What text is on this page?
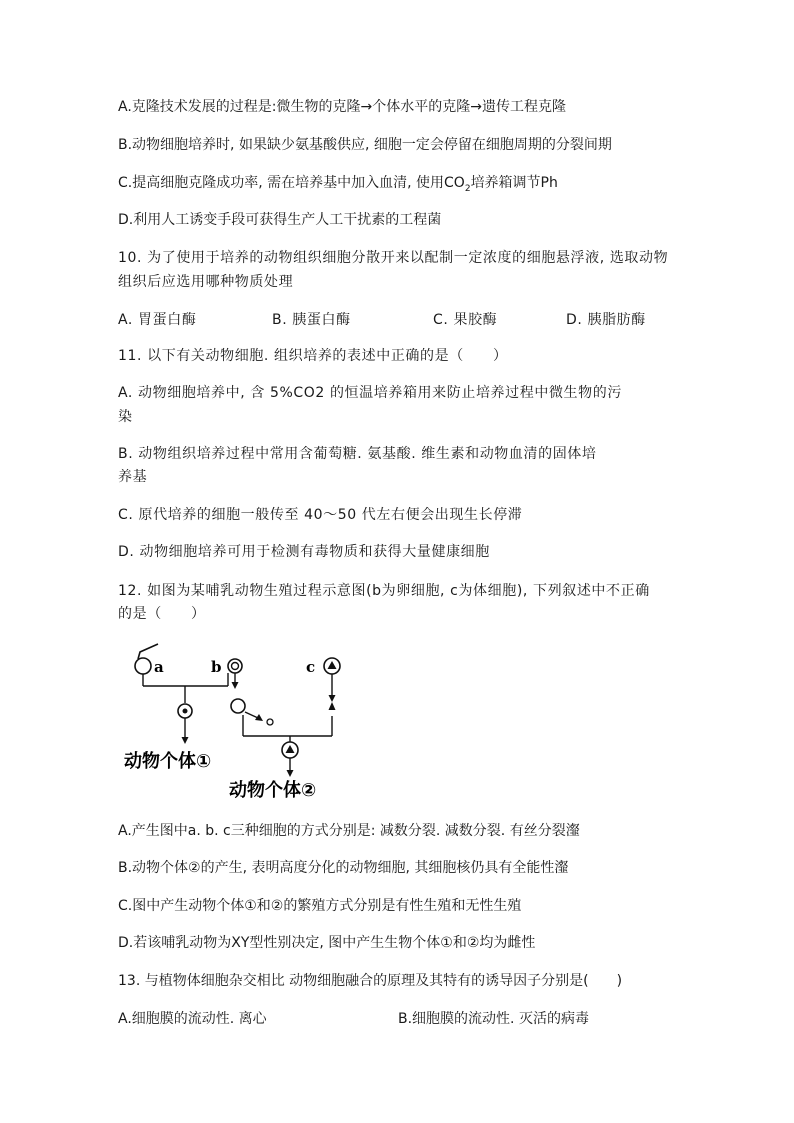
A.克隆技术发展的过程是:微生物的克隆→个体水平的克隆→遗传工程克隆
B.动物细胞培养时, 如果缺少氨基酸供应, 细胞一定会停留在细胞周期的分裂间期
C.提高细胞克隆成功率, 需在培养基中加入血清, 使用$CO_2$培养箱调节Ph
D.利用人工诱变手段可获得生产人工干扰素的工程菌
10. 为了使用于培养的动物组织细胞分散开来以配制一定浓度的细胞悬浮液, 选取动物
组织后应选用哪种物质处理
A. 胃蛋白酶	B. 胰蛋白酶	C. 果胶酶	D. 胰脂肪酶
11. 以下有关动物细胞. 组织培养的表述中正确的是（　　）
A. 动物细胞培养中, 含 5%CO2 的恒温培养箱用来防止培养过程中微生物的污
染
B. 动物组织培养过程中常用含葡萄糖. 氨基酸. 维生素和动物血清的固体培
养基
C. 原代培养的细胞一般传至 40～50 代左右便会出现生长停滞
D. 动物细胞培养可用于检测有毒物质和获得大量健康细胞
12. 如图为某哺乳动物生殖过程示意图(b为卵细胞, c为体细胞), 下列叙述中不正确
的是（　　）
a	b	c
动物个体①
动物个体②
A.产生图中a. b. c三种细胞的方式分别是: 减数分裂. 减数分裂. 有丝分裂瀣
B.动物个体②的产生, 表明高度分化的动物细胞, 其细胞核仍具有全能性瀣
C.图中产生动物个体①和②的繁殖方式分别是有性生殖和无性生殖
D.若该哺乳动物为XY型性别决定, 图中产生生物个体①和②均为雌性
13. 与植物体细胞杂交相比 动物细胞融合的原理及其特有的诱导因子分别是(　　)
A.细胞膜的流动性. 离心	B.细胞膜的流动性. 灭活的病毒
